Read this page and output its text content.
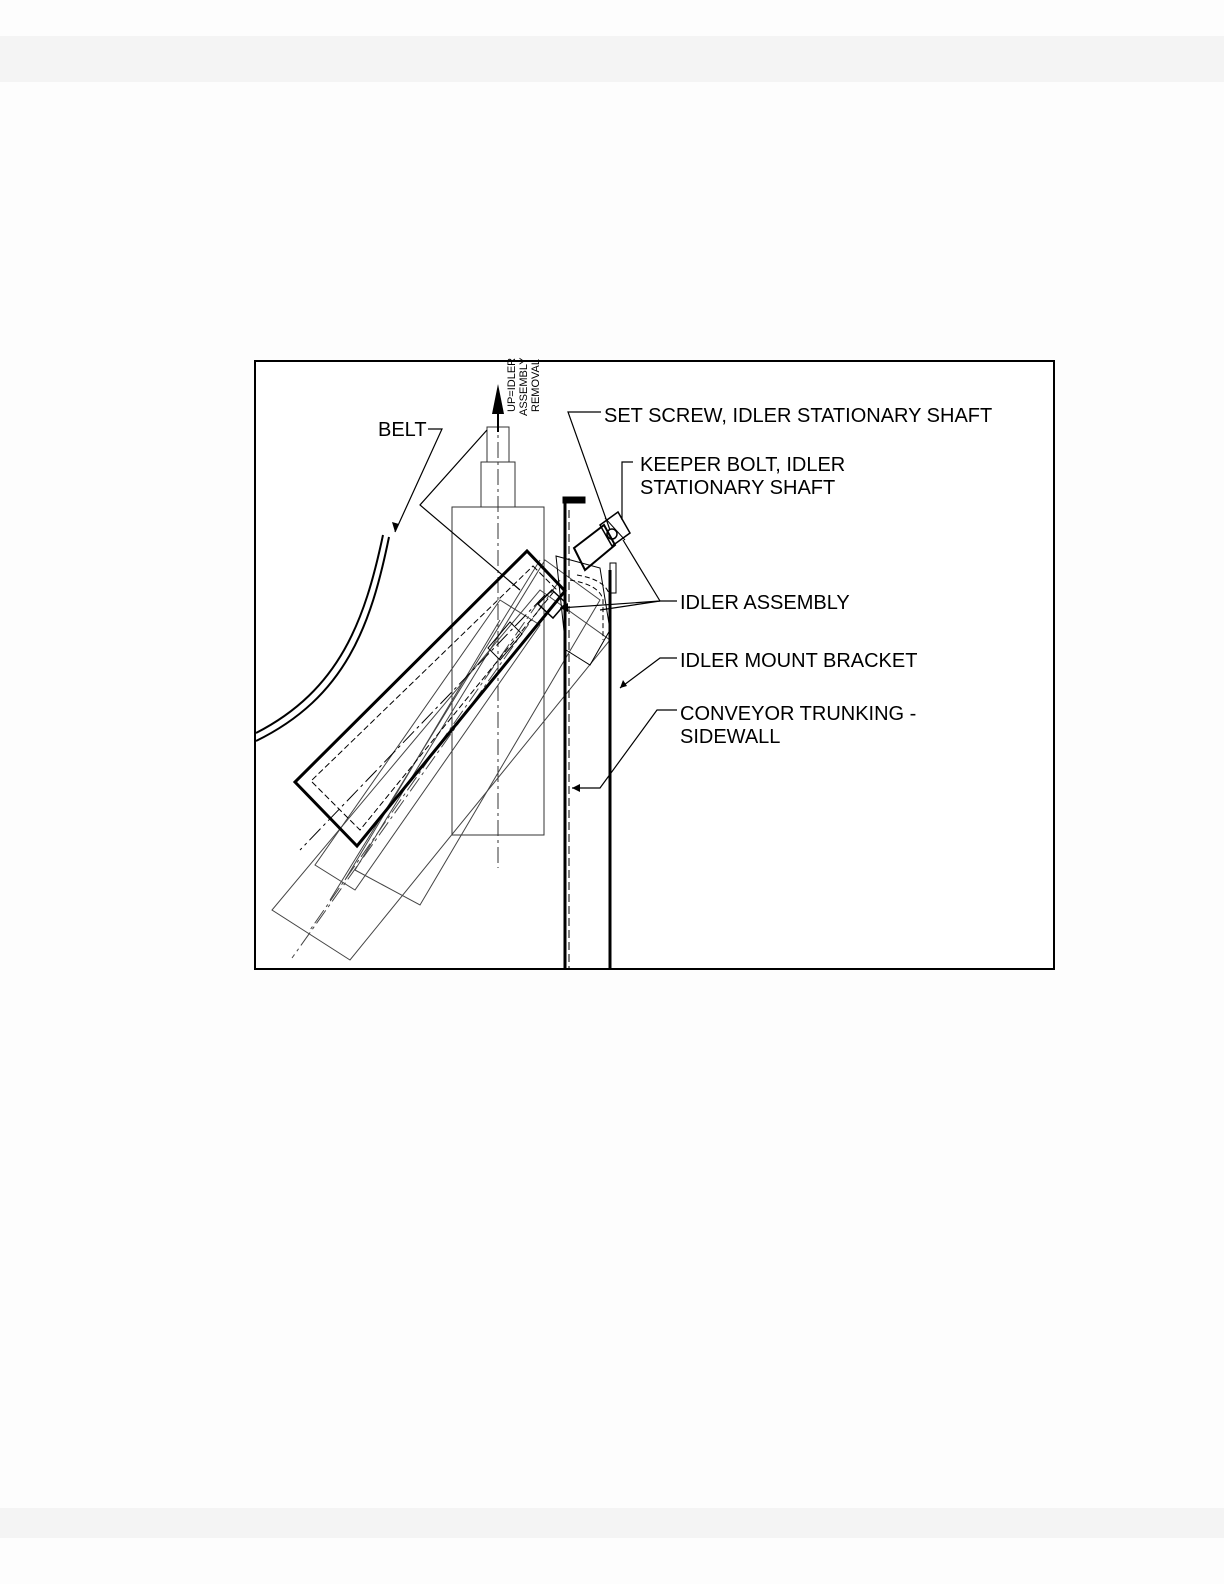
UP=IDLER ASSEMBLY REMOVAL
BELT
SET SCREW, IDLER STATIONARY SHAFT
KEEPER BOLT, IDLER
STATIONARY SHAFT
IDLER ASSEMBLY
IDLER MOUNT BRACKET
CONVEYOR TRUNKING -
SIDEWALL
